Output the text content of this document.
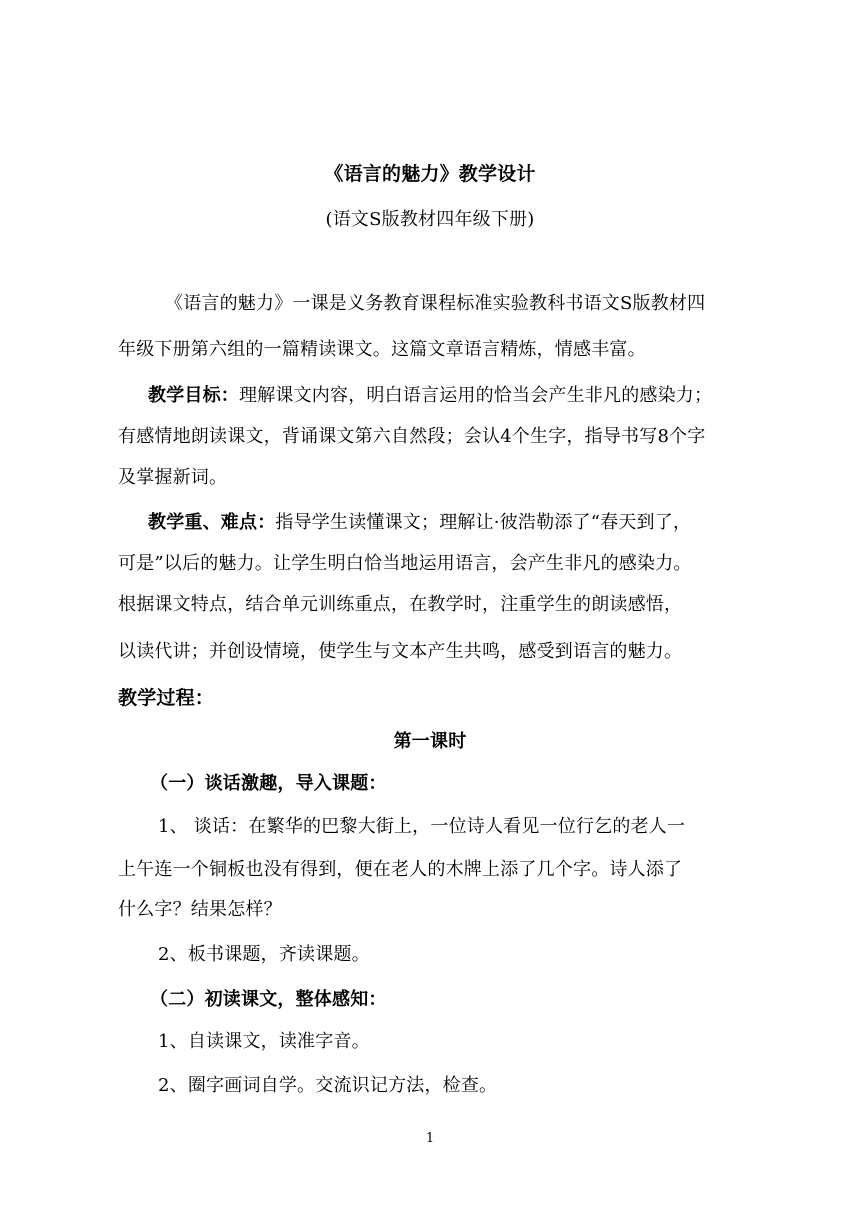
《语言的魅力》教学设计
(语文S版教材四年级下册)
《语言的魅力》一课是义务教育课程标准实验教科书语文S版教材四
年级下册第六组的一篇精读课文。这篇文章语言精炼，情感丰富。
教学目标：理解课文内容，明白语言运用的恰当会产生非凡的感染力；
有感情地朗读课文，背诵课文第六自然段；会认4个生字，指导书写8个字
及掌握新词。
教学重、难点：指导学生读懂课文；理解让·彼浩勒添了“春天到了，
可是”以后的魅力。让学生明白恰当地运用语言，会产生非凡的感染力。
根据课文特点，结合单元训练重点，在教学时，注重学生的朗读感悟，
以读代讲；并创设情境，使学生与文本产生共鸣，感受到语言的魅力。
教学过程：
第一课时
（一）谈话激趣，导入课题：
1、 谈话：在繁华的巴黎大街上，一位诗人看见一位行乞的老人一
上午连一个铜板也没有得到，便在老人的木牌上添了几个字。诗人添了
什么字？结果怎样？
2、板书课题，齐读课题。
（二）初读课文，整体感知：
1、自读课文，读准字音。
2、圈字画词自学。交流识记方法，检查。
1
